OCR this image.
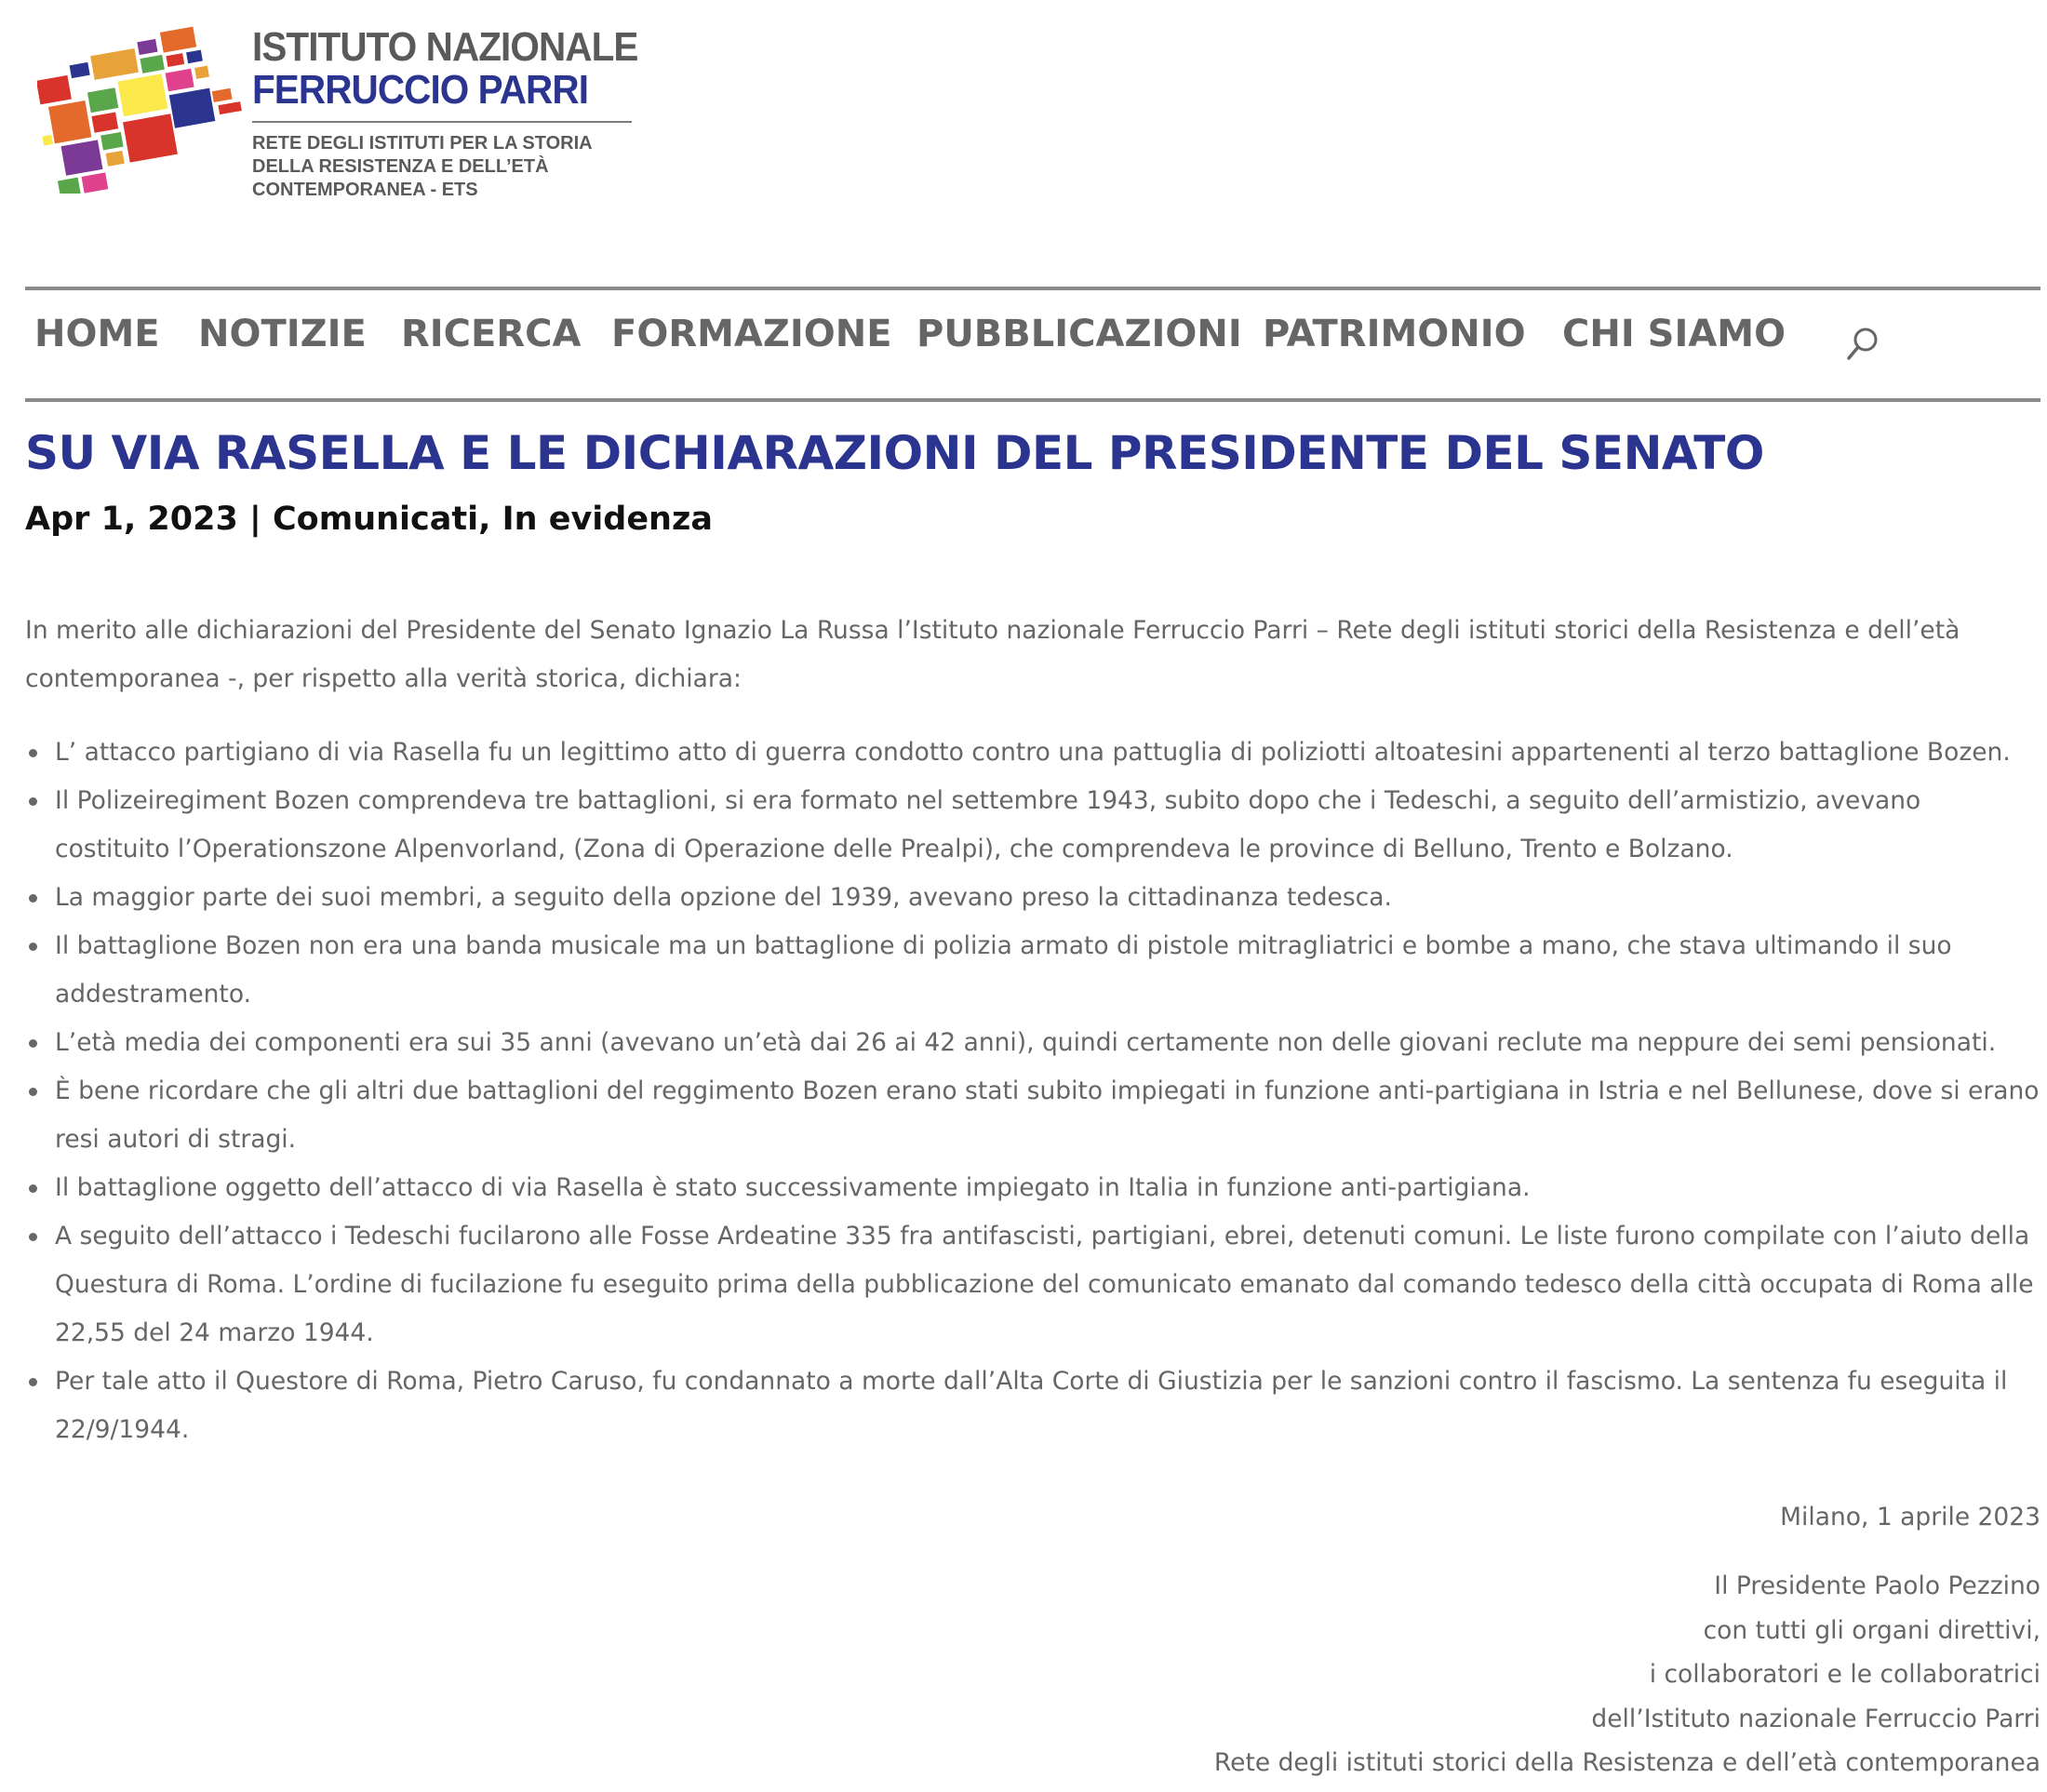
ISTITUTO NAZIONALE
FERRUCCIO PARRI
RETE DEGLI ISTITUTI PER LA STORIA
DELLA RESISTENZA E DELL’ETÀ
CONTEMPORANEA - ETS
HOME NOTIZIE RICERCA FORMAZIONE PUBBLICAZIONI PATRIMONIO CHI SIAMO
SU VIA RASELLA E LE DICHIARAZIONI DEL PRESIDENTE DEL SENATO
Apr 1, 2023 | Comunicati, In evidenza

In merito alle dichiarazioni del Presidente del Senato Ignazio La Russa l’Istituto nazionale Ferruccio Parri – Rete degli istituti storici della Resistenza e dell’età contemporanea -, per rispetto alla verità storica, dichiara:

L’ attacco partigiano di via Rasella fu un legittimo atto di guerra condotto contro una pattuglia di poliziotti altoatesini appartenenti al terzo battaglione Bozen.
Il Polizeiregiment Bozen comprendeva tre battaglioni, si era formato nel settembre 1943, subito dopo che i Tedeschi, a seguito dell’armistizio, avevano costituito l’Operationszone Alpenvorland, (Zona di Operazione delle Prealpi), che comprendeva le province di Belluno, Trento e Bolzano.
La maggior parte dei suoi membri, a seguito della opzione del 1939, avevano preso la cittadinanza tedesca.
Il battaglione Bozen non era una banda musicale ma un battaglione di polizia armato di pistole mitragliatrici e bombe a mano, che stava ultimando il suo addestramento.
L’età media dei componenti era sui 35 anni (avevano un’età dai 26 ai 42 anni), quindi certamente non delle giovani reclute ma neppure dei semi pensionati.
È bene ricordare che gli altri due battaglioni del reggimento Bozen erano stati subito impiegati in funzione anti-partigiana in Istria e nel Bellunese, dove si erano resi autori di stragi.
Il battaglione oggetto dell’attacco di via Rasella è stato successivamente impiegato in Italia in funzione anti-partigiana.
A seguito dell’attacco i Tedeschi fucilarono alle Fosse Ardeatine 335 fra antifascisti, partigiani, ebrei, detenuti comuni. Le liste furono compilate con l’aiuto della Questura di Roma. L’ordine di fucilazione fu eseguito prima della pubblicazione del comunicato emanato dal comando tedesco della città occupata di Roma alle 22,55 del 24 marzo 1944.
Per tale atto il Questore di Roma, Pietro Caruso, fu condannato a morte dall’Alta Corte di Giustizia per le sanzioni contro il fascismo. La sentenza fu eseguita il 22/9/1944.
Milano, 1 aprile 2023
Il Presidente Paolo Pezzino
con tutti gli organi direttivi,
i collaboratori e le collaboratrici
dell’Istituto nazionale Ferruccio Parri
Rete degli istituti storici della Resistenza e dell’età contemporanea
